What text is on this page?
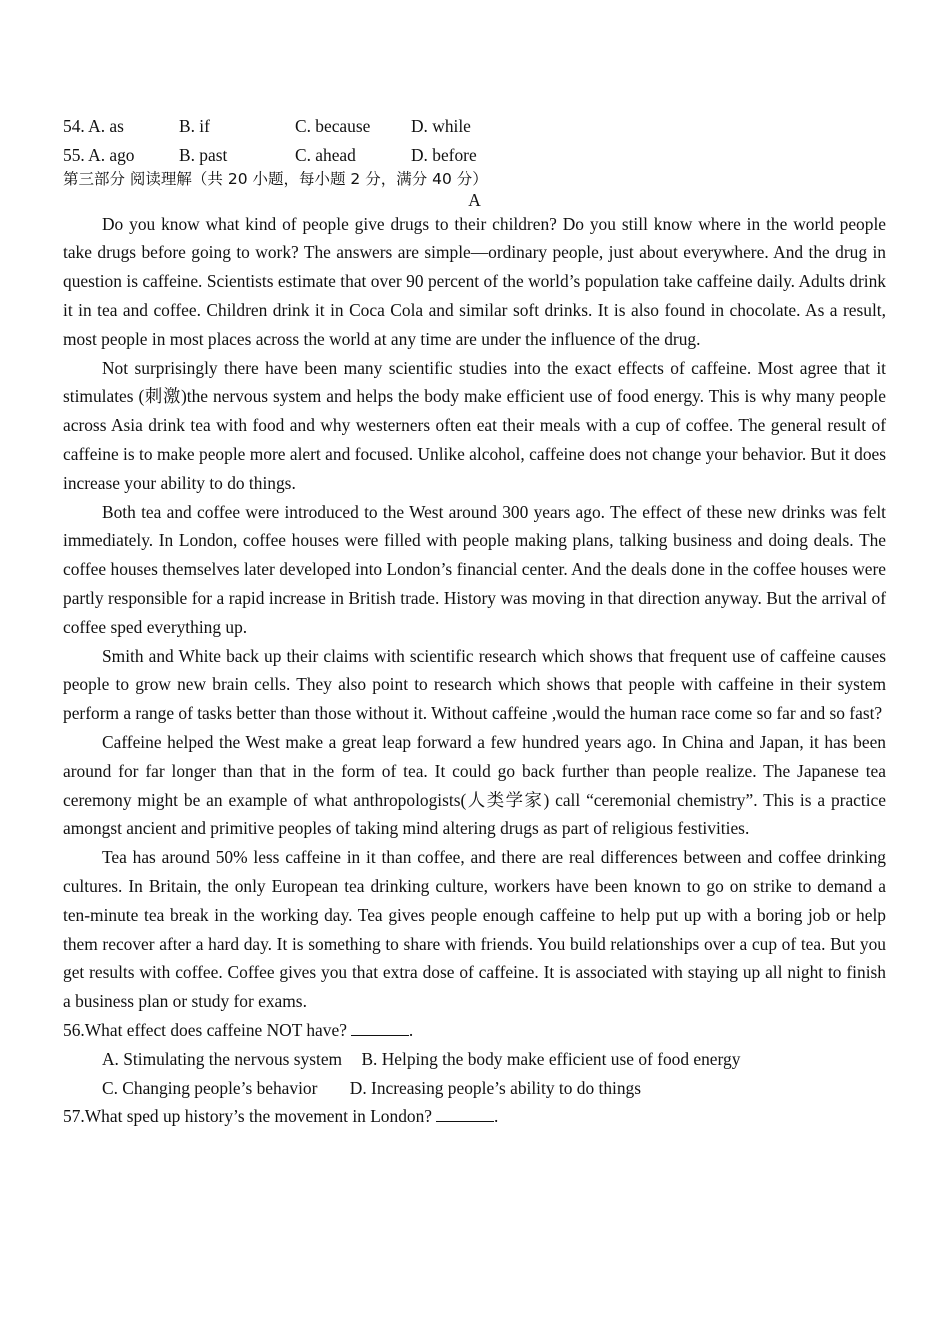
54. A. as	B. if	C. because	D. while
55. A. ago	B. past	C. ahead	D. before
第三部分 阅读理解（共 20 小题，每小题 2 分，满分 40 分）
A

Do you know what kind of people give drugs to their children? Do you still know where in the world people take drugs before going to work? The answers are simple—ordinary people, just about everywhere. And the drug in question is caffeine. Scientists estimate that over 90 percent of the world’s population take caffeine daily. Adults drink it in tea and coffee. Children drink it in Coca Cola and similar soft drinks. It is also found in chocolate. As a result, most people in most places across the world at any time are under the influence of the drug.

Not surprisingly there have been many scientific studies into the exact effects of caffeine. Most agree that it stimulates (刺激)the nervous system and helps the body make efficient use of food energy. This is why many people across Asia drink tea with food and why westerners often eat their meals with a cup of coffee. The general result of caffeine is to make people more alert and focused. Unlike alcohol, caffeine does not change your behavior. But it does increase your ability to do things.

Both tea and coffee were introduced to the West around 300 years ago. The effect of these new drinks was felt immediately. In London, coffee houses were filled with people making plans, talking business and doing deals. The coffee houses themselves later developed into London’s financial center. And the deals done in the coffee houses were partly responsible for a rapid increase in British trade. History was moving in that direction anyway. But the arrival of coffee sped everything up.

Smith and White back up their claims with scientific research which shows that frequent use of caffeine causes people to grow new brain cells. They also point to research which shows that people with caffeine in their system perform a range of tasks better than those without it. Without caffeine ,would the human race come so far and so fast?

Caffeine helped the West make a great leap forward a few hundred years ago. In China and Japan, it has been around for far longer than that in the form of tea. It could go back further than people realize. The Japanese tea ceremony might be an example of what anthropologists(人类学家) call “ceremonial chemistry”. This is a practice amongst ancient and primitive peoples of taking mind altering drugs as part of religious festivities.

Tea has around 50% less caffeine in it than coffee, and there are real differences between and coffee drinking cultures. In Britain, the only European tea drinking culture, workers have been known to go on strike to demand a ten-minute tea break in the working day. Tea gives people enough caffeine to help put up with a boring job or help them recover after a hard day. It is something to share with friends. You build relationships over a cup of tea. But you get results with coffee. Coffee gives you that extra dose of caffeine. It is associated with staying up all night to finish a business plan or study for exams.

56.What effect does caffeine NOT have?	.

A. Stimulating the nervous system B. Helping the body make efficient use of food energy
C. Changing people’s behavior D. Increasing people’s ability to do things

57.What sped up history’s the movement in London?	.
